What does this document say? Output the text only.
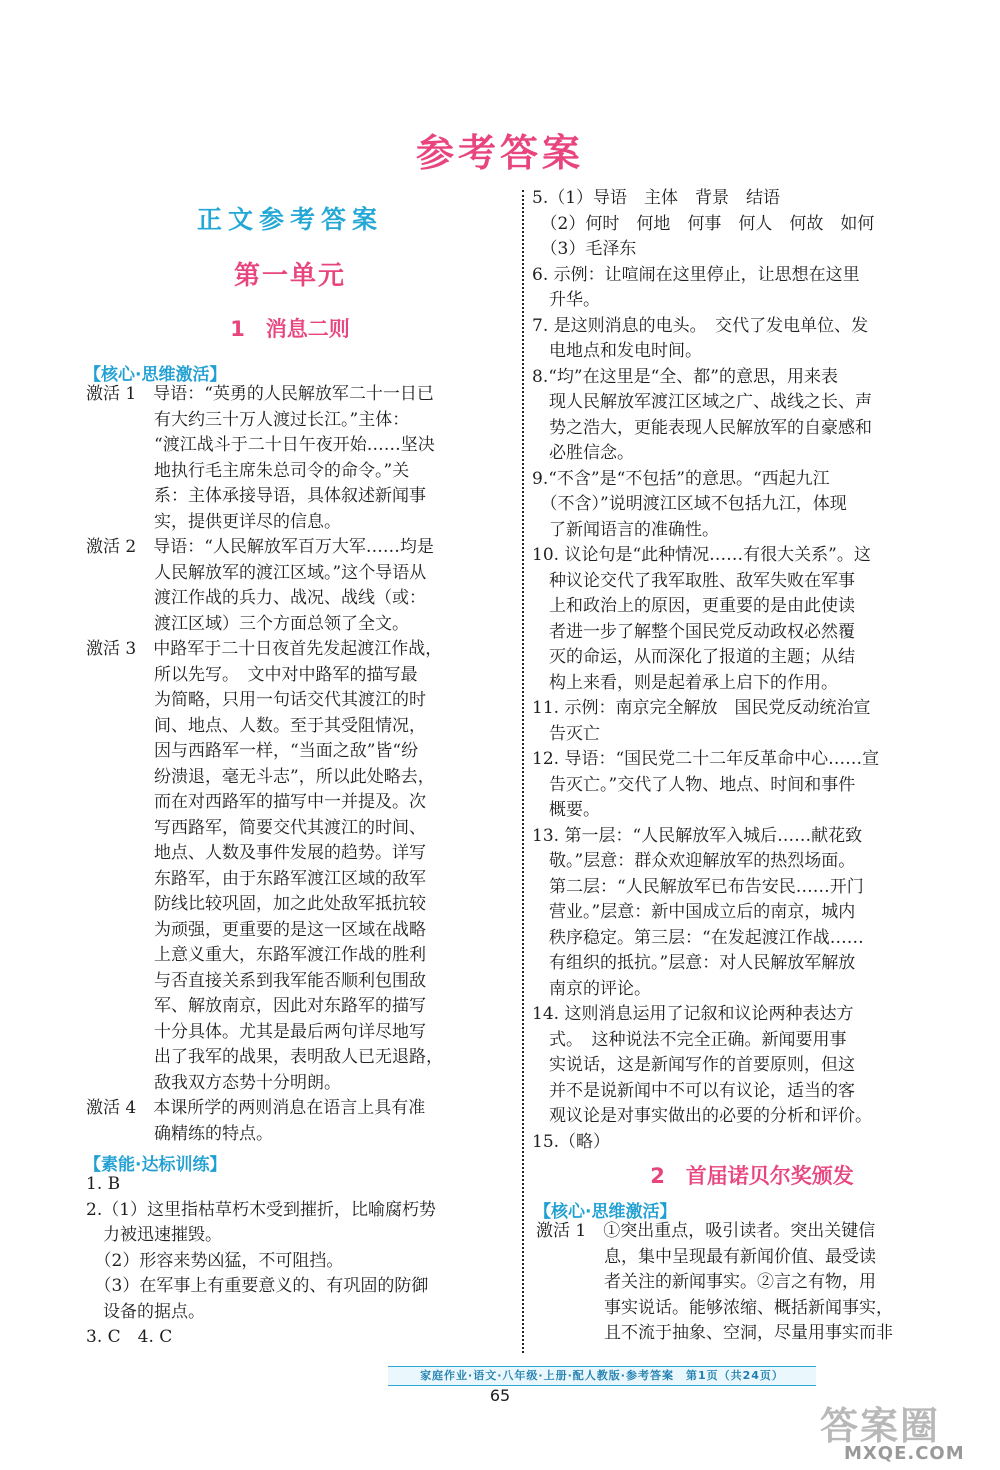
参考答案
正文参考答案
第一单元
1　消息二则
【核心·思维激活】
激活 1　导语：“英勇的人民解放军二十一日已
　　　　有大约三十万人渡过长江。”主体：
　　　　“渡江战斗于二十日午夜开始……坚决
　　　　地执行毛主席朱总司令的命令。”关
　　　　系：主体承接导语，具体叙述新闻事
　　　　实，提供更详尽的信息。
激活 2　导语：“人民解放军百万大军……均是
　　　　人民解放军的渡江区域。”这个导语从
　　　　渡江作战的兵力、战况、战线（或：
　　　　渡江区域）三个方面总领了全文。
激活 3　中路军于二十日夜首先发起渡江作战，
　　　　所以先写。　文中对中路军的描写最
　　　　为简略，只用一句话交代其渡江的时
　　　　间、地点、人数。至于其受阻情况，
　　　　因与西路军一样，“当面之敌”皆“纷
　　　　纷溃退，毫无斗志”，所以此处略去，
　　　　而在对西路军的描写中一并提及。次
　　　　写西路军，简要交代其渡江的时间、
　　　　地点、人数及事件发展的趋势。详写
　　　　东路军，由于东路军渡江区域的敌军
　　　　防线比较巩固，加之此处敌军抵抗较
　　　　为顽强，更重要的是这一区域在战略
　　　　上意义重大，东路军渡江作战的胜利
　　　　与否直接关系到我军能否顺利包围敌
　　　　军、解放南京，因此对东路军的描写
　　　　十分具体。尤其是最后两句详尽地写
　　　　出了我军的战果，表明敌人已无退路，
　　　　敌我双方态势十分明朗。
激活 4　本课所学的两则消息在语言上具有准
　　　　确精练的特点。
【素能·达标训练】
1. B
2.（1）这里指枯草朽木受到摧折，比喻腐朽势
　力被迅速摧毁。
　（2）形容来势凶猛，不可阻挡。
　（3）在军事上有重要意义的、有巩固的防御
　设备的据点。
3. C　4. C
5.（1）导语　主体　背景　结语
　（2）何时　何地　何事　何人　何故　如何
　（3）毛泽东
6. 示例：让喧闹在这里停止，让思想在这里
　升华。
7. 是这则消息的电头。　交代了发电单位、发
　电地点和发电时间。
8.“均”在这里是“全、都”的意思，用来表
　现人民解放军渡江区域之广、战线之长、声
　势之浩大，更能表现人民解放军的自豪感和
　必胜信念。
9.“不含”是“不包括”的意思。“西起九江
　（不含）”说明渡江区域不包括九江，体现
　了新闻语言的准确性。
10. 议论句是“此种情况……有很大关系”。这
　种议论交代了我军取胜、敌军失败在军事
　上和政治上的原因，更重要的是由此使读
　者进一步了解整个国民党反动政权必然覆
　灭的命运，从而深化了报道的主题；从结
　构上来看，则是起着承上启下的作用。
11. 示例：南京完全解放　国民党反动统治宣
　告灭亡
12. 导语：“国民党二十二年反革命中心……宣
　告灭亡。”交代了人物、地点、时间和事件
　概要。
13. 第一层：“人民解放军入城后……献花致
　敬。”层意：群众欢迎解放军的热烈场面。
　第二层：“人民解放军已布告安民……开门
　营业。”层意：新中国成立后的南京，城内
　秩序稳定。第三层：“在发起渡江作战……
　有组织的抵抗。”层意：对人民解放军解放
　南京的评论。
14. 这则消息运用了记叙和议论两种表达方
　式。　这种说法不完全正确。新闻要用事
　实说话，这是新闻写作的首要原则，但这
　并不是说新闻中不可以有议论，适当的客
　观议论是对事实做出的必要的分析和评价。
15.（略）
2　首届诺贝尔奖颁发
【核心·思维激活】
激活 1　①突出重点，吸引读者。突出关键信
　　　　息，集中呈现最有新闻价值、最受读
　　　　者关注的新闻事实。②言之有物，用
　　　　事实说话。能够浓缩、概括新闻事实，
　　　　且不流于抽象、空洞，尽量用事实而非
家庭作业·语文·八年级·上册·配人教版·参考答案　第1页（共24页）
65
答案圈
MXQE.COM
